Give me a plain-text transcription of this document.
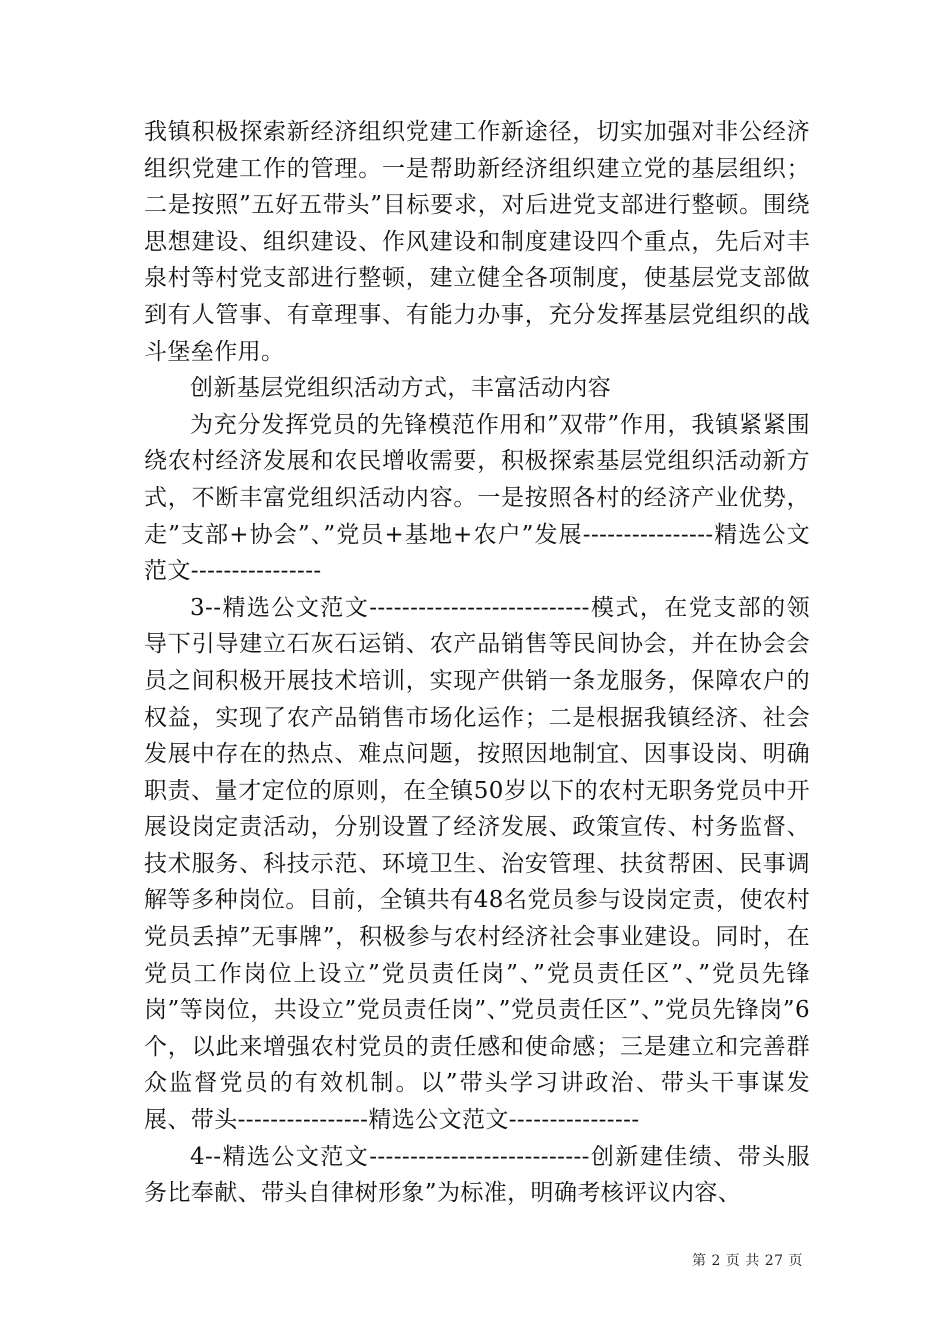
我镇积极探索新经济组织党建工作新途径，切实加强对非公经济组织党建工作的管理。一是帮助新经济组织建立党的基层组织；二是按照”五好五带头”目标要求，对后进党支部进行整顿。围绕思想建设、组织建设、作风建设和制度建设四个重点，先后对丰泉村等村党支部进行整顿，建立健全各项制度，使基层党支部做到有人管事、有章理事、有能力办事，充分发挥基层党组织的战斗堡垒作用。

创新基层党组织活动方式，丰富活动内容

为充分发挥党员的先锋模范作用和”双带”作用，我镇紧紧围绕农村经济发展和农民增收需要，积极探索基层党组织活动新方式，不断丰富党组织活动内容。一是按照各村的经济产业优势，走”支部+协会”、”党员+基地+农户”发展----------------精选公文范文----------------

3--精选公文范文---------------------------模式，在党支部的领导下引导建立石灰石运销、农产品销售等民间协会，并在协会会员之间积极开展技术培训，实现产供销一条龙服务，保障农户的权益，实现了农产品销售市场化运作；二是根据我镇经济、社会发展中存在的热点、难点问题，按照因地制宜、因事设岗、明确职责、量才定位的原则，在全镇50岁以下的农村无职务党员中开展设岗定责活动，分别设置了经济发展、政策宣传、村务监督、技术服务、科技示范、环境卫生、治安管理、扶贫帮困、民事调解等多种岗位。目前，全镇共有48名党员参与设岗定责，使农村党员丢掉”无事牌”，积极参与农村经济社会事业建设。同时，在党员工作岗位上设立”党员责任岗”、”党员责任区”、”党员先锋岗”等岗位，共设立”党员责任岗”、”党员责任区”、”党员先锋岗”6个，以此来增强农村党员的责任感和使命感；三是建立和完善群众监督党员的有效机制。以”带头学习讲政治、带头干事谋发展、带头----------------精选公文范文----------------

4--精选公文范文---------------------------创新建佳绩、带头服务比奉献、带头自律树形象”为标准，明确考核评议内容、

第 2 页 共 27 页
